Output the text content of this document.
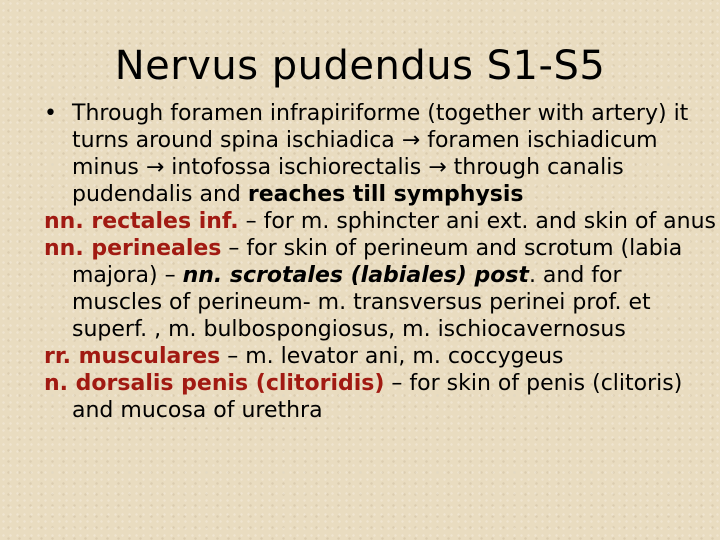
Nervus pudendus S1-S5

• Through foramen infrapiriforme (together with artery) it turns around spina ischiadica → foramen ischiadicum minus → intofossa ischiorectalis → through canalis pudendalis and reaches till symphysis

nn. rectales inf. – for m. sphincter ani ext. and skin of anus

nn. perineales – for skin of perineum and scrotum (labia majora) – nn. scrotales (labiales) post. and for muscles of perineum- m. transversus perinei prof. et superf. , m. bulbospongiosus, m. ischiocavernosus

rr. musculares – m. levator ani, m. coccygeus

n. dorsalis penis (clitoridis) – for skin of penis (clitoris) and mucosa of urethra
